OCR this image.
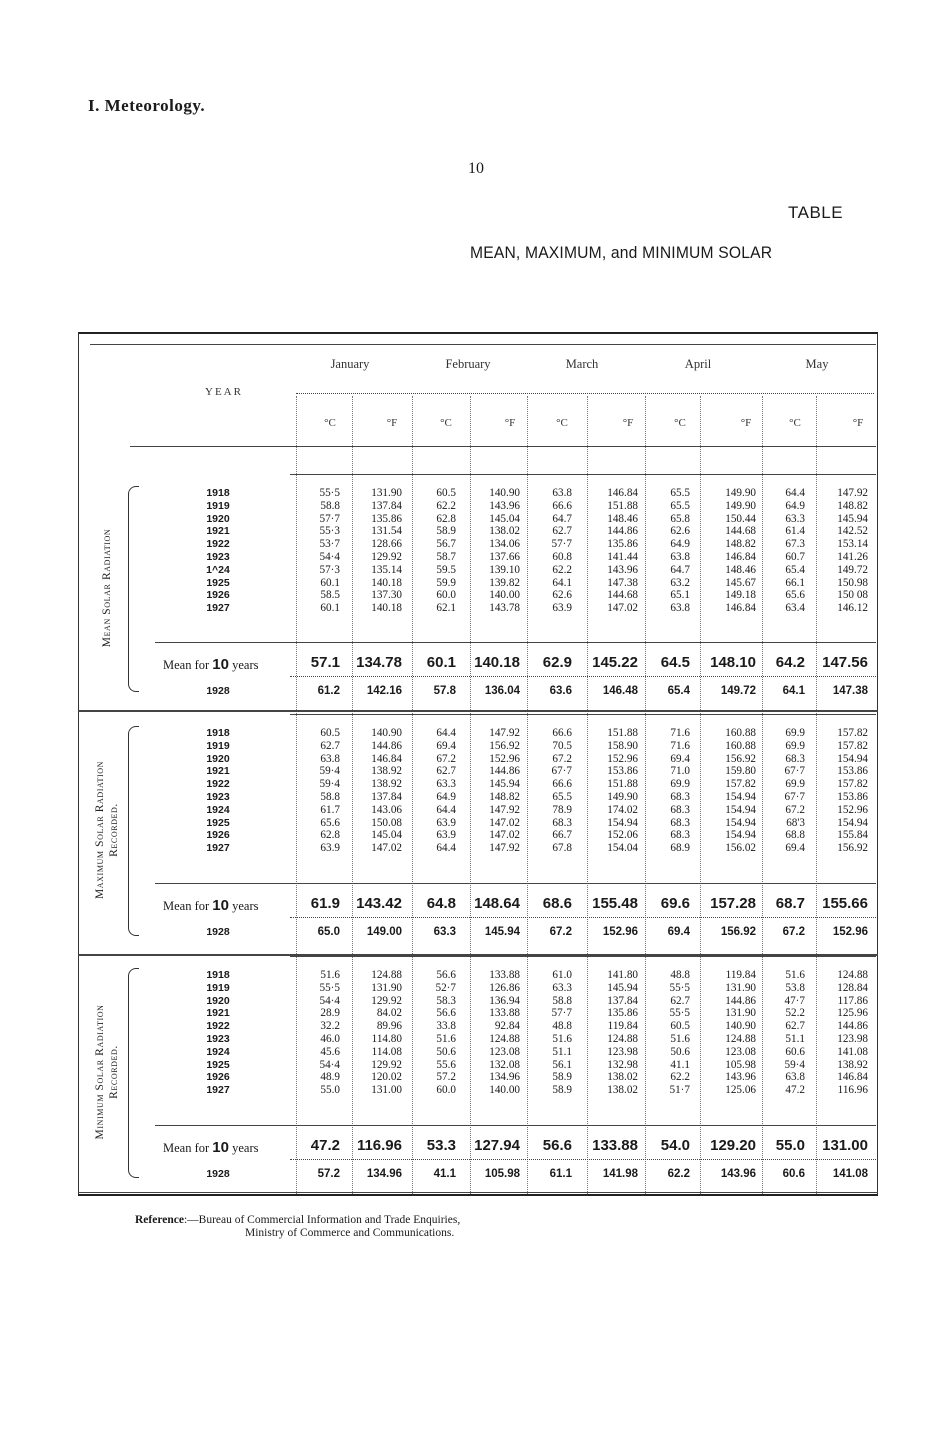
I. Meteorology.
10
TABLE
MEAN, MAXIMUM, and MINIMUM SOLAR
January	February	March	April	May
°C	°F	°C	°F	°C	°F	°C	°F	°C	°F
YEAR
Mean Solar Radiation
1918	55·5	131.90	60.5	140.90	63.8	146.84	65.5	149.90	64.4	147.92
1919	58.8	137.84	62.2	143.96	66.6	151.88	65.5	149.90	64.9	148.82
1920	57·7	135.86	62.8	145.04	64.7	148.46	65.8	150.44	63.3	145.94
1921	55·3	131.54	58.9	138.02	62.7	144.86	62.6	144.68	61.4	142.52
1922	53·7	128.66	56.7	134.06	57·7	135.86	64.9	148.82	67.3	153.14
1923	54·4	129.92	58.7	137.66	60.8	141.44	63.8	146.84	60.7	141.26
1^24	57·3	135.14	59.5	139.10	62.2	143.96	64.7	148.46	65.4	149.72
1925	60.1	140.18	59.9	139.82	64.1	147.38	63.2	145.67	66.1	150.98
1926	58.5	137.30	60.0	140.00	62.6	144.68	65.1	149.18	65.6	150 08
1927	60.1	140.18	62.1	143.78	63.9	147.02	63.8	146.84	63.4	146.12
Mean for 10 years	57.1	134.78	60.1	140.18	62.9	145.22	64.5	148.10	64.2	147.56
1928	61.2	142.16	57.8	136.04	63.6	146.48	65.4	149.72	64.1	147.38
Maximum Solar Radiation Recorded.
1918	60.5	140.90	64.4	147.92	66.6	151.88	71.6	160.88	69.9	157.82
1919	62.7	144.86	69.4	156.92	70.5	158.90	71.6	160.88	69.9	157.82
1920	63.8	146.84	67.2	152.96	67.2	152.96	69.4	156.92	68.3	154.94
1921	59·4	138.92	62.7	144.86	67·7	153.86	71.0	159.80	67·7	153.86
1922	59·4	138.92	63.3	145.94	66.6	151.88	69.9	157.82	69.9	157.82
1923	58.8	137.84	64.9	148.82	65.5	149.90	68.3	154.94	67·7	153.86
1924	61.7	143.06	64.4	147.92	78.9	174.02	68.3	154.94	67.2	152.96
1925	65.6	150.08	63.9	147.02	68.3	154.94	68.3	154.94	68'3	154.94
1926	62.8	145.04	63.9	147.02	66.7	152.06	68.3	154.94	68.8	155.84
1927	63.9	147.02	64.4	147.92	67.8	154.04	68.9	156.02	69.4	156.92
Mean for 10 years	61.9	143.42	64.8	148.64	68.6	155.48	69.6	157.28	68.7	155.66
1928	65.0	149.00	63.3	145.94	67.2	152.96	69.4	156.92	67.2	152.96
Minimum Solar Radiation Recorded.
1918	51.6	124.88	56.6	133.88	61.0	141.80	48.8	119.84	51.6	124.88
1919	55·5	131.90	52·7	126.86	63.3	145.94	55·5	131.90	53.8	128.84
1920	54·4	129.92	58.3	136.94	58.8	137.84	62.7	144.86	47·7	117.86
1921	28.9	84.02	56.6	133.88	57·7	135.86	55·5	131.90	52.2	125.96
1922	32.2	89.96	33.8	92.84	48.8	119.84	60.5	140.90	62.7	144.86
1923	46.0	114.80	51.6	124.88	51.6	124.88	51.6	124.88	51.1	123.98
1924	45.6	114.08	50.6	123.08	51.1	123.98	50.6	123.08	60.6	141.08
1925	54·4	129.92	55.6	132.08	56.1	132.98	41.1	105.98	59·4	138.92
1926	48.9	120.02	57.2	134.96	58.9	138.02	62.2	143.96	63.8	146.84
1927	55.0	131.00	60.0	140.00	58.9	138.02	51·7	125.06	47.2	116.96
Mean for 10 years	47.2	116.96	53.3	127.94	56.6	133.88	54.0	129.20	55.0	131.00
1928	57.2	134.96	41.1	105.98	61.1	141.98	62.2	143.96	60.6	141.08
Reference:—Bureau of Commercial Information and Trade Enquiries,
Ministry of Commerce and Communications.
